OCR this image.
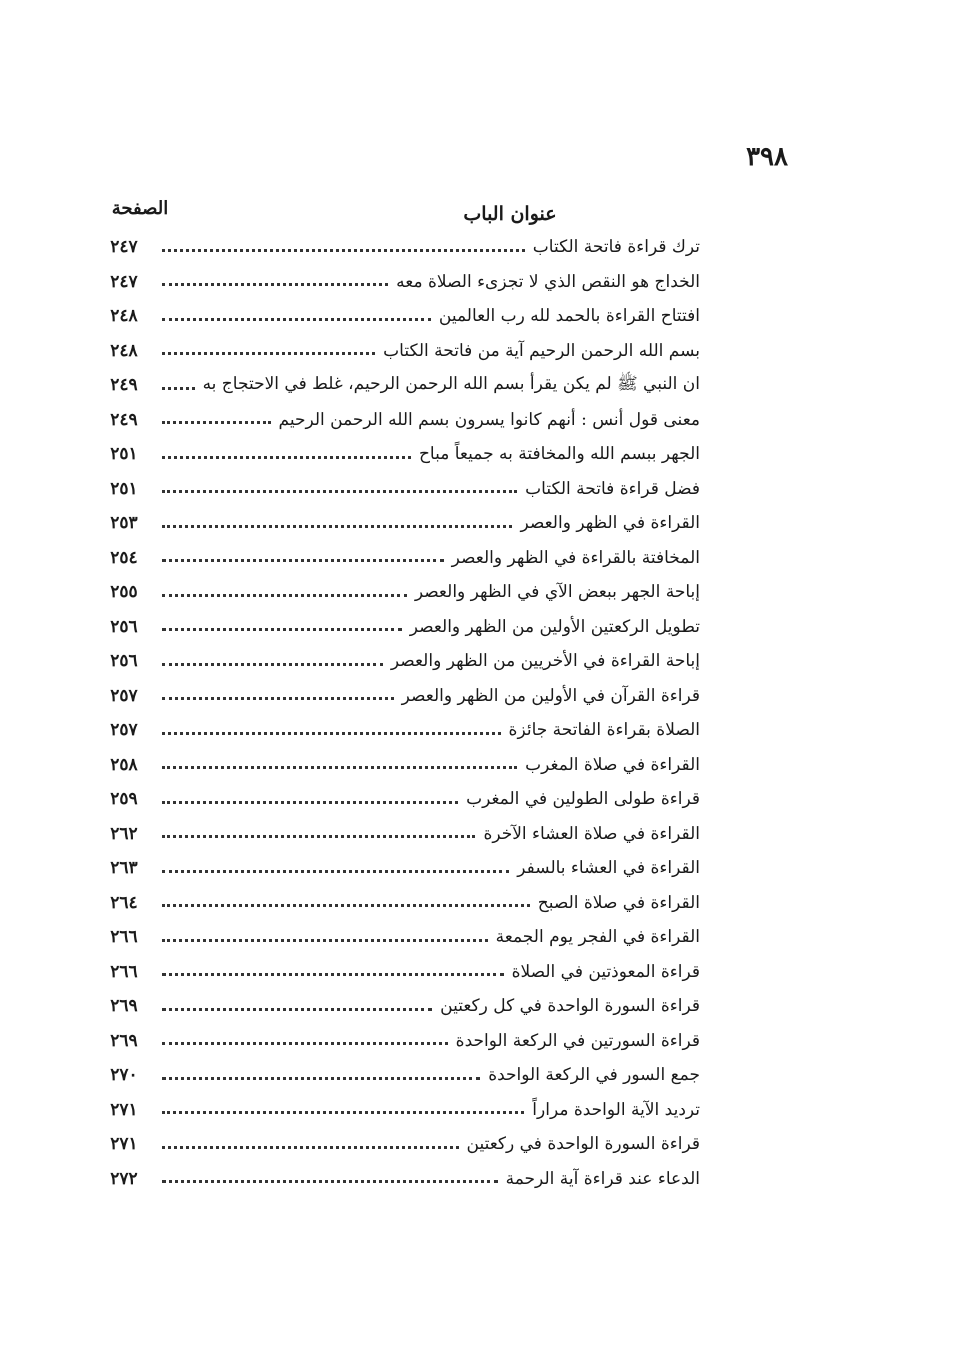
٣٩٨
الصفحة	عنوان الباب
٢٤٧	ترك قراءة فاتحة الكتاب
٢٤٧	الخداج هو النقص الذي لا تجزىء الصلاة معه
٢٤٨	افتتاح القراءة بالحمد لله رب العالمين
٢٤٨	بسم الله الرحمن الرحيم آية من فاتحة الكتاب
٢٤٩	ان النبي ﷺ لم يكن يقرأ بسم الله الرحمن الرحيم، غلط في الاحتجاج به
٢٤٩	معنى قول أنس : أنهم كانوا يسرون بسم الله الرحمن الرحيم
٢٥١	الجهر ببسم الله والمخافتة به جميعاً مباح
٢٥١	فضل قراءة فاتحة الكتاب
٢٥٣	القراءة في الظهر والعصر
٢٥٤	المخافتة بالقراءة في الظهر والعصر
٢٥٥	إباحة الجهر ببعض الآي في الظهر والعصر
٢٥٦	تطويل الركعتين الأولين من الظهر والعصر
٢٥٦	إباحة القراءة في الأخريين من الظهر والعصر
٢٥٧	قراءة القرآن في الأولين من الظهر والعصر
٢٥٧	الصلاة بقراءة الفاتحة جائزة
٢٥٨	القراءة في صلاة المغرب
٢٥٩	قراءة طولى الطولين في المغرب
٢٦٢	القراءة في صلاة العشاء الآخرة
٢٦٣	القراءة في العشاء بالسفر
٢٦٤	القراءة في صلاة الصبح
٢٦٦	القراءة في الفجر يوم الجمعة
٢٦٦	قراءة المعوذتين في الصلاة
٢٦٩	قراءة السورة الواحدة في كل ركعتين
٢٦٩	قراءة السورتين في الركعة الواحدة
٢٧٠	جمع السور في الركعة الواحدة
٢٧١	ترديد الآية الواحدة مراراً
٢٧١	قراءة السورة الواحدة في ركعتين
٢٧٢	الدعاء عند قراءة آية الرحمة
